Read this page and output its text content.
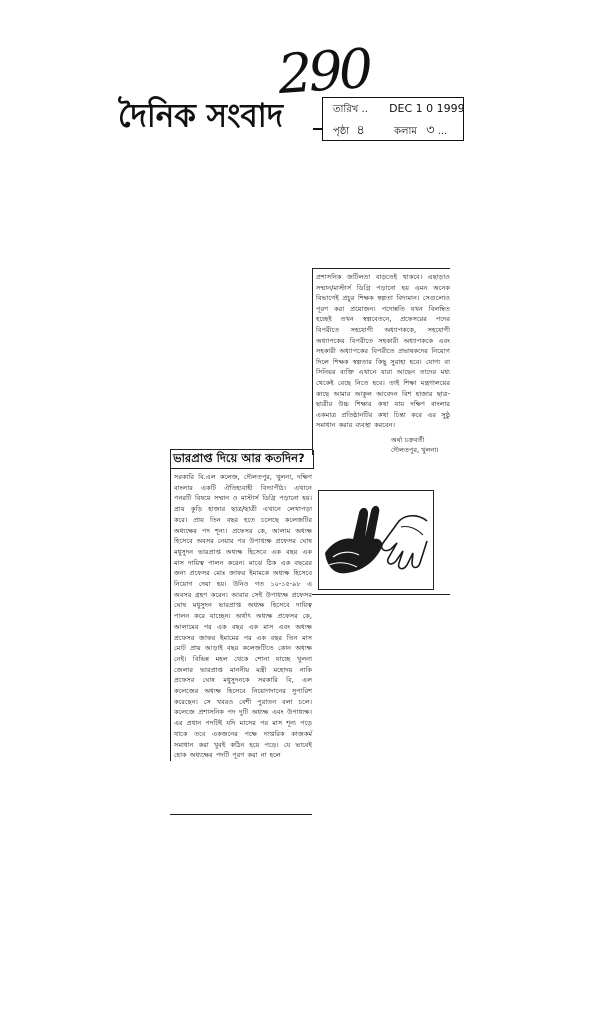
290
দৈনিক সংবাদ	তারিখ .. DEC 1 0 1999
পৃষ্ঠা ৪	কলাম ৩ ...

প্রশাসনিক জটিলতা বাড়তেই থাকবে। এছাড়াও সম্মান/মাস্টার্স ডিগ্রি পড়ানো হয় এমন অনেক বিভাগেই প্রচুর শিক্ষক স্বল্পতা বিদ্যমান। সেগুলোও পূরণ করা প্রয়োজন। পদোন্নতি যখন বিলম্বিত হচ্ছেই তখন স্বল্পবেতনে, প্রফেসরের পদের বিপরীতে সহযোগী অধ্যাপককে, সহযোগী অধ্যাপকের বিপরীতে সহকারী অধ্যাপককে এবং সহকারী অধ্যাপকের বিপরীতে প্রভাষকদের নিয়োগ দিলে শিক্ষক স্বল্পতার কিছু সুরাহা হবে। যোগ্য বা সিনিয়র ব্যক্তি এখানে যারা আছেন তাদের মধ্য থেকেই বেছে নিতে হবে। তাই শিক্ষা মন্ত্রণালয়ের কাছে আমার আকুল আবেদন বিশ হাজার ছাত্র-ছাত্রীর উচ্চ শিক্ষার কথা যায় দক্ষিণ বাংলার একমাত্র প্রতিষ্ঠানটির কথা চিন্তা করে এর সুষ্ঠু সমাধান করার ব্যবস্থা করবেন।

অর্ঘ্য চক্রবর্তী
দৌলতপুর, খুলনা।
ভারপ্রাপ্ত দিয়ে আর কতদিন?

সরকারি বি.এল কলেজ, দৌলতপুর, খুলনা, দক্ষিণ বাংলার একটি ঐতিহ্যবাহী বিদ্যাপীঠ। এখানে পনরটি বিষয়ে সম্মান ও মাস্টার্স ডিগ্রি পড়ানো হয়। প্রায় কুড়ি হাজার ছাত্র/ছাত্রী এখানে লেখাপড়া করে। প্রায় তিন বছর হতে চলেছে কলেজটির অধ্যক্ষের পদ শূন্য। প্রফেসর কে, আলাম অধ্যক্ষ হিসেবে অবসর নেয়ার পর উপাধ্যক্ষ প্রফেসর ঘোষ মধুসুদন ভারপ্রাপ্ত অধ্যক্ষ হিসেবে এক বছর এক মাস দায়িত্ব পালন করেন। মাঝে ঠিক এক বছরের জন্য প্রফেসর মোঃ জাফর ইমামকে অধ্যক্ষ হিসেবে নিয়োগ দেয়া হয়। উনিও গত ১০-১৫-৯৮ এ অবসর গ্রহণ করেন। আবার সেই উপাধ্যক্ষ প্রফেসর ঘোষ মধুসুদন ভারপ্রাপ্ত অধ্যক্ষ হিসেবে দায়িত্ব পালন করে যাচ্ছেন। অর্থাৎ অধ্যক্ষ প্রফেসর কে, আলামের পর এক বছর এক মাস এবং অধ্যক্ষ প্রফেসর জাফর ইমামের পর এক বছর তিন মাস মোট প্রায় আড়াই বছর কলেজটিতে কোন অধ্যক্ষ নেই। বিভিন্ন মহল থেকে শোনা যাচ্ছে খুলনা জেলার ভারপ্রাপ্ত মাননীয় মন্ত্রী মহোদয় নাকি প্রফেসর ঘোষ মধুসুদনকে সরকারি বি, এল কলেজের অধ্যক্ষ হিসেবে নিয়োগদানের সুপারিশ করেছেন। সে খবরও বেশী পুরাতন বলা চলে। কলেজে প্রশাসনিক পদ দুটি অধ্যক্ষ এবং উপাধ্যক্ষ। এর প্রধান পদটিই যদি মাসের পর মাস শূন্য পড়ে থাকে তবে একজনের পক্ষে দাপ্তরিক কাজকর্ম সমাধান করা খুবই কঠিন হয়ে পড়ে। যে ভাবেই হোক অধ্যক্ষের পদটি পূরণ করা না হলে
